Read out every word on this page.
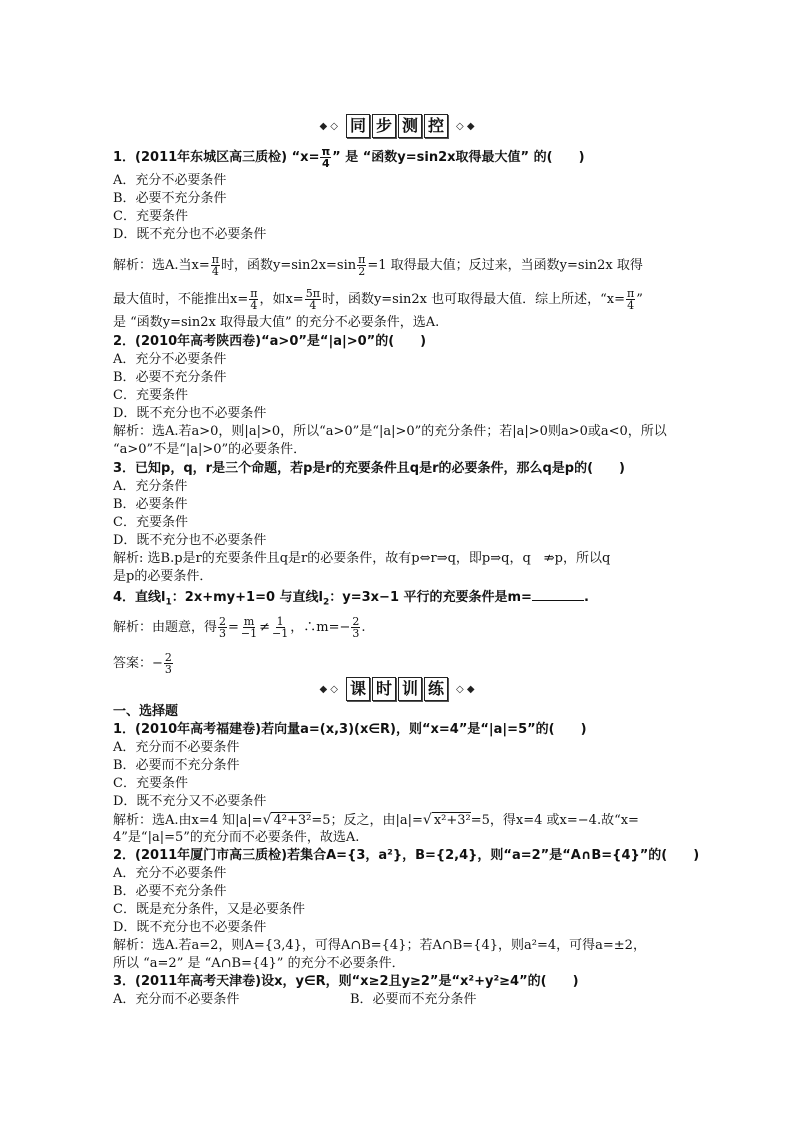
◆ ◇ 同 步 测 控	◇ ◆
1．(2011年东城区高三质检) “$x= \frac{\pi}{4}$ ” 是 “函数y=sin2x取得最大值” 的(　　)
A．充分不必要条件
B．必要不充分条件
C．充要条件
D．既不充分也不必要条件
解析：选A.当$x= \frac{\pi}{4}$ 时，函数$y=\sin 2x=\sin \frac{\pi}{2} =1$ 取得最大值；反过来，当函数y=sin2x 取得
最大值时，不能推出$x= \frac{\pi}{4}$ ，如$x= \frac{5\pi}{4}$ 时，函数y=sin2x 也可取得最大值．综上所述，“$x= \frac{\pi}{4}$ ”
是 “函数y=sin2x 取得最大值” 的充分不必要条件，选A.
2．(2010年高考陕西卷)“a>0”是“|a|>0”的(　　)
A．充分不必要条件
B．必要不充分条件
C．充要条件
D．既不充分也不必要条件
解析：选A.若a>0，则|a|>0，所以“a>0”是“|a|>0”的充分条件；若|a|>0则a>0或a<0，所以
“a>0”不是“|a|>0”的必要条件．
3．已知p，q，r是三个命题，若p是r的充要条件且q是r的必要条件，那么q是p的(　　)
A．充分条件
B．必要条件
C．充要条件
D．既不充分也不必要条件
解析: 选B.p是r的充要条件且q是r的必要条件，故有p⇔r⇒q，即p⇒q，q　⇏p，所以q
是p的必要条件．
4．直线$l_1$：2x+my+1=0 与直线$l_2$：y=3x−1 平行的充要条件是m=	.
解析：由题意，得 $\frac{2}{3} = \frac{m}{-1} \ne \frac{1}{-1}$ ，∴m=− $\frac{2}{3}$ .
答案：− $\frac{2}{3}$
◆ ◇ 课 时 训 练	◇ ◆
一、选择题
1．(2010年高考福建卷)若向量a=(x,3)(x∈R)，则“x=4”是“|a|=5”的(　　)
A．充分而不必要条件
B．必要而不充分条件
C．充要条件
D．既不充分又不必要条件
解析：选A.由x=4 知|a|=√ 4²+3²=5；反之，由|a|=√ x²+3²=5，得x=4 或x=−4.故“x=
4”是“|a|=5”的充分而不必要条件，故选A.
2．(2011年厦门市高三质检)若集合A={3，a²}，B={2,4}，则“a=2”是“A∩B={4}”的(　　)
A．充分不必要条件
B．必要不充分条件
C．既是充分条件，又是必要条件
D．既不充分也不必要条件
解析：选A.若a=2，则A={3,4}，可得A∩B={4}；若A∩B={4}，则a²=4，可得a=±2，
所以 “a=2” 是 “A∩B={4}” 的充分不必要条件．
3．(2011年高考天津卷)设x，y∈R，则“x≥2且y≥2”是“x²+y²≥4”的(　　)
A．充分而不必要条件	B．必要而不充分条件
